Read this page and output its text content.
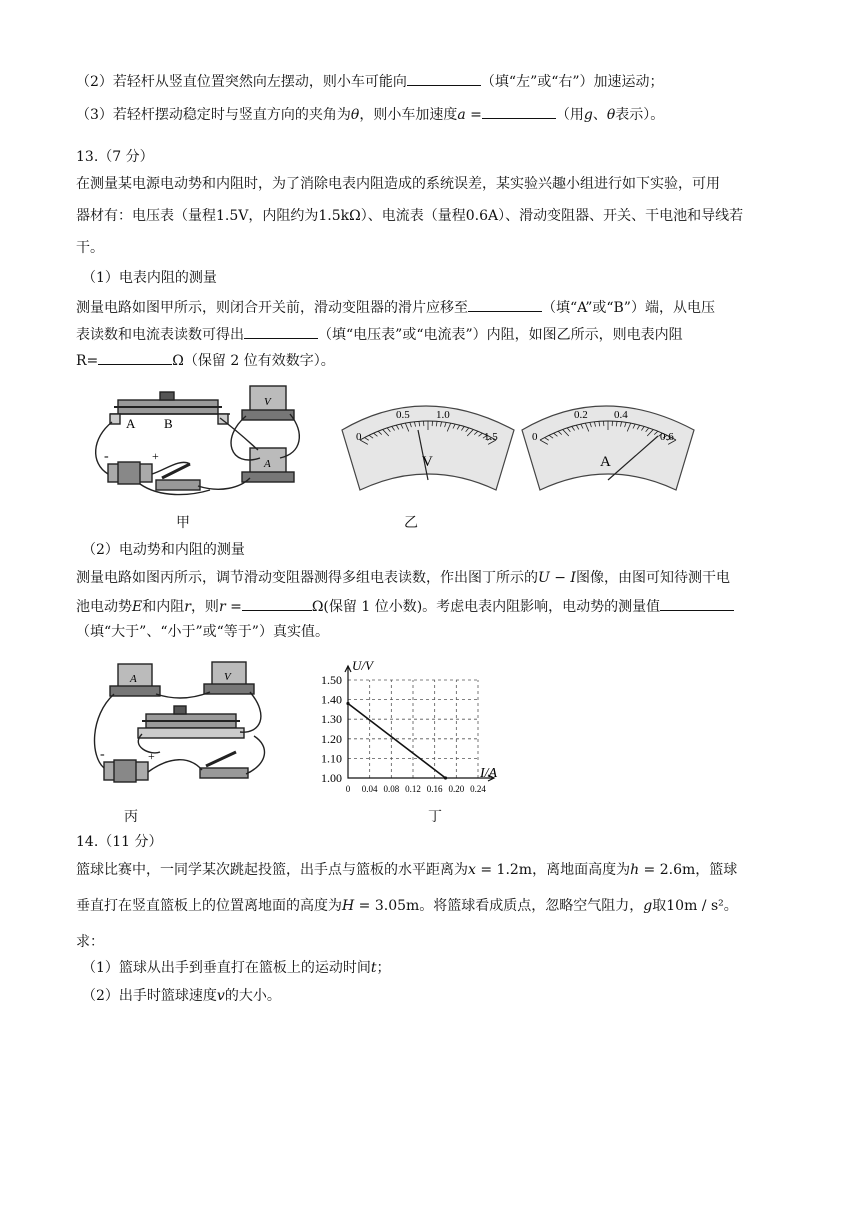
（2）若轻杆从竖直位置突然向左摆动，则小车可能向	（填“左”或“右”）加速运动；
（3）若轻杆摆动稳定时与竖直方向的夹角为θ，则小车加速度a =	（用g、θ表示）。
13.（7 分）
在测量某电源电动势和内阻时，为了消除电表内阻造成的系统误差，某实验兴趣小组进行如下实验，可用
器材有：电压表（量程1.5V，内阻约为1.5kΩ）、电流表（量程0.6A）、滑动变阻器、开关、干电池和导线若
干。
（1）电表内阻的测量
测量电路如图甲所示，则闭合开关前，滑动变阻器的滑片应移至	（填“A”或“B”）端，从电压
表读数和电流表读数可得出	（填“电压表”或“电流表”）内阻，如图乙所示，则电表内阻
R=	Ω（保留 2 位有效数字）。
A B
V
A
+
-
甲
0
0.5 1.0
1.5
V
0
0.2 0.4
0.6
A
乙
（2）电动势和内阻的测量
测量电路如图丙所示，调节滑动变阻器测得多组电表读数，作出图丁所示的U − I图像，由图可知待测干电
池电动势E和内阻r，则r =	Ω(保留 1 位小数)。考虑电表内阻影响，电动势的测量值
（填“大于”、“小于”或“等于”）真实值。
A	V
+
-
丙
1.00
1.10
1.20
1.30
1.40
1.50
0 0.04 0.08 0.12 0.16 0.20 0.24
U/V
I/A
丁
14.（11 分）
篮球比赛中，一同学某次跳起投篮，出手点与篮板的水平距离为x = 1.2m，离地面高度为h = 2.6m，篮球
垂直打在竖直篮板上的位置离地面的高度为H = 3.05m。将篮球看成质点，忽略空气阻力，g取10m / s²。
求：
（1）篮球从出手到垂直打在篮板上的运动时间t；
（2）出手时篮球速度v的大小。
